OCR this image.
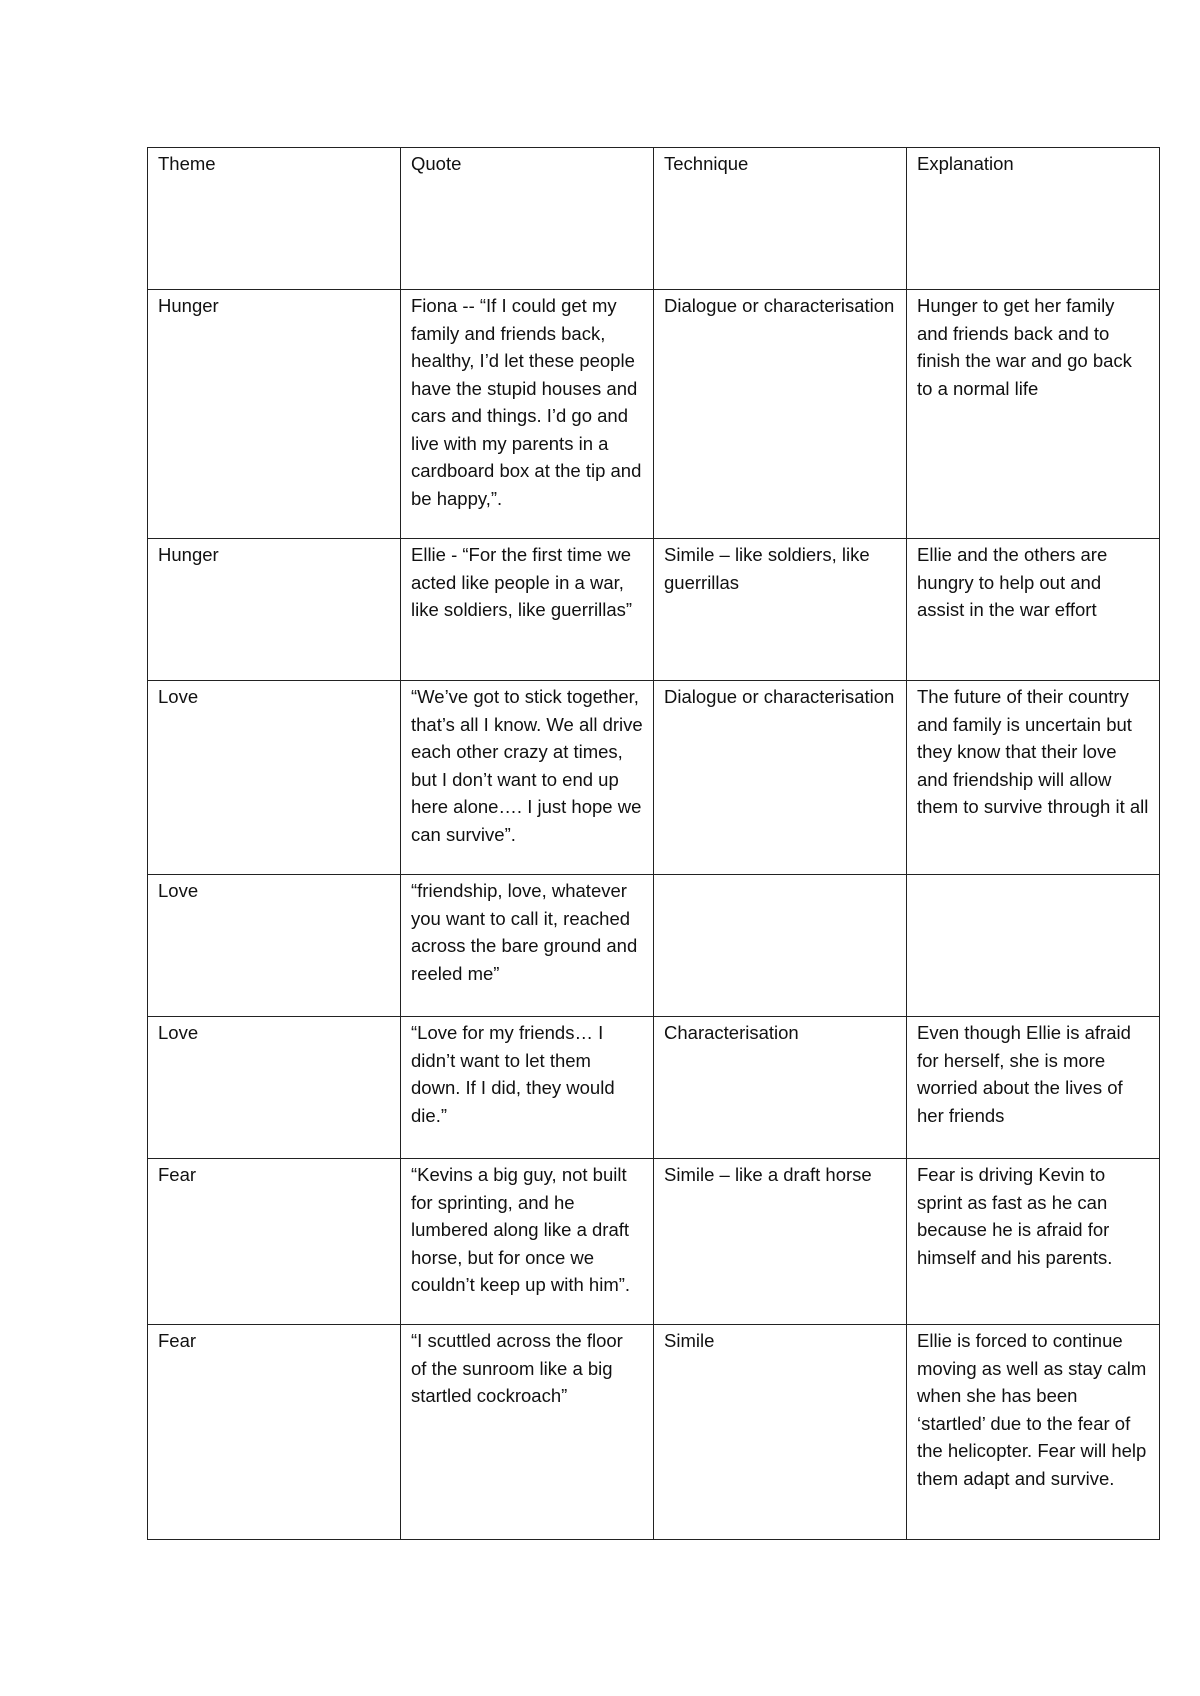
Theme	Quote	Technique	Explanation
Hunger	Fiona -- “If I could get my family and friends back, healthy, I’d let these people have the stupid houses and cars and things. I’d go and live with my parents in a cardboard box at the tip and be happy,”.	Dialogue or characterisation	Hunger to get her family and friends back and to finish the war and go back to a normal life
Hunger	Ellie - “For the first time we acted like people in a war, like soldiers, like guerrillas”	Simile – like soldiers, like guerrillas	Ellie and the others are hungry to help out and assist in the war effort
Love	“We’ve got to stick together, that’s all I know. We all drive each other crazy at times, but I don’t want to end up here alone…. I just hope we can survive”.	Dialogue or characterisation	The future of their country and family is uncertain but they know that their love and friendship will allow them to survive through it all
Love	“friendship, love, whatever you want to call it, reached across the bare ground and reeled me”		
Love	“Love for my friends… I didn’t want to let them down. If I did, they would die.”	Characterisation	Even though Ellie is afraid for herself, she is more worried about the lives of her friends
Fear	“Kevins a big guy, not built for sprinting, and he lumbered along like a draft horse, but for once we couldn’t keep up with him”.	Simile – like a draft horse	Fear is driving Kevin to sprint as fast as he can because he is afraid for himself and his parents.
Fear	“I scuttled across the floor of the sunroom like a big startled cockroach”	Simile	Ellie is forced to continue moving as well as stay calm when she has been ‘startled’ due to the fear of the helicopter. Fear will help them adapt and survive.
